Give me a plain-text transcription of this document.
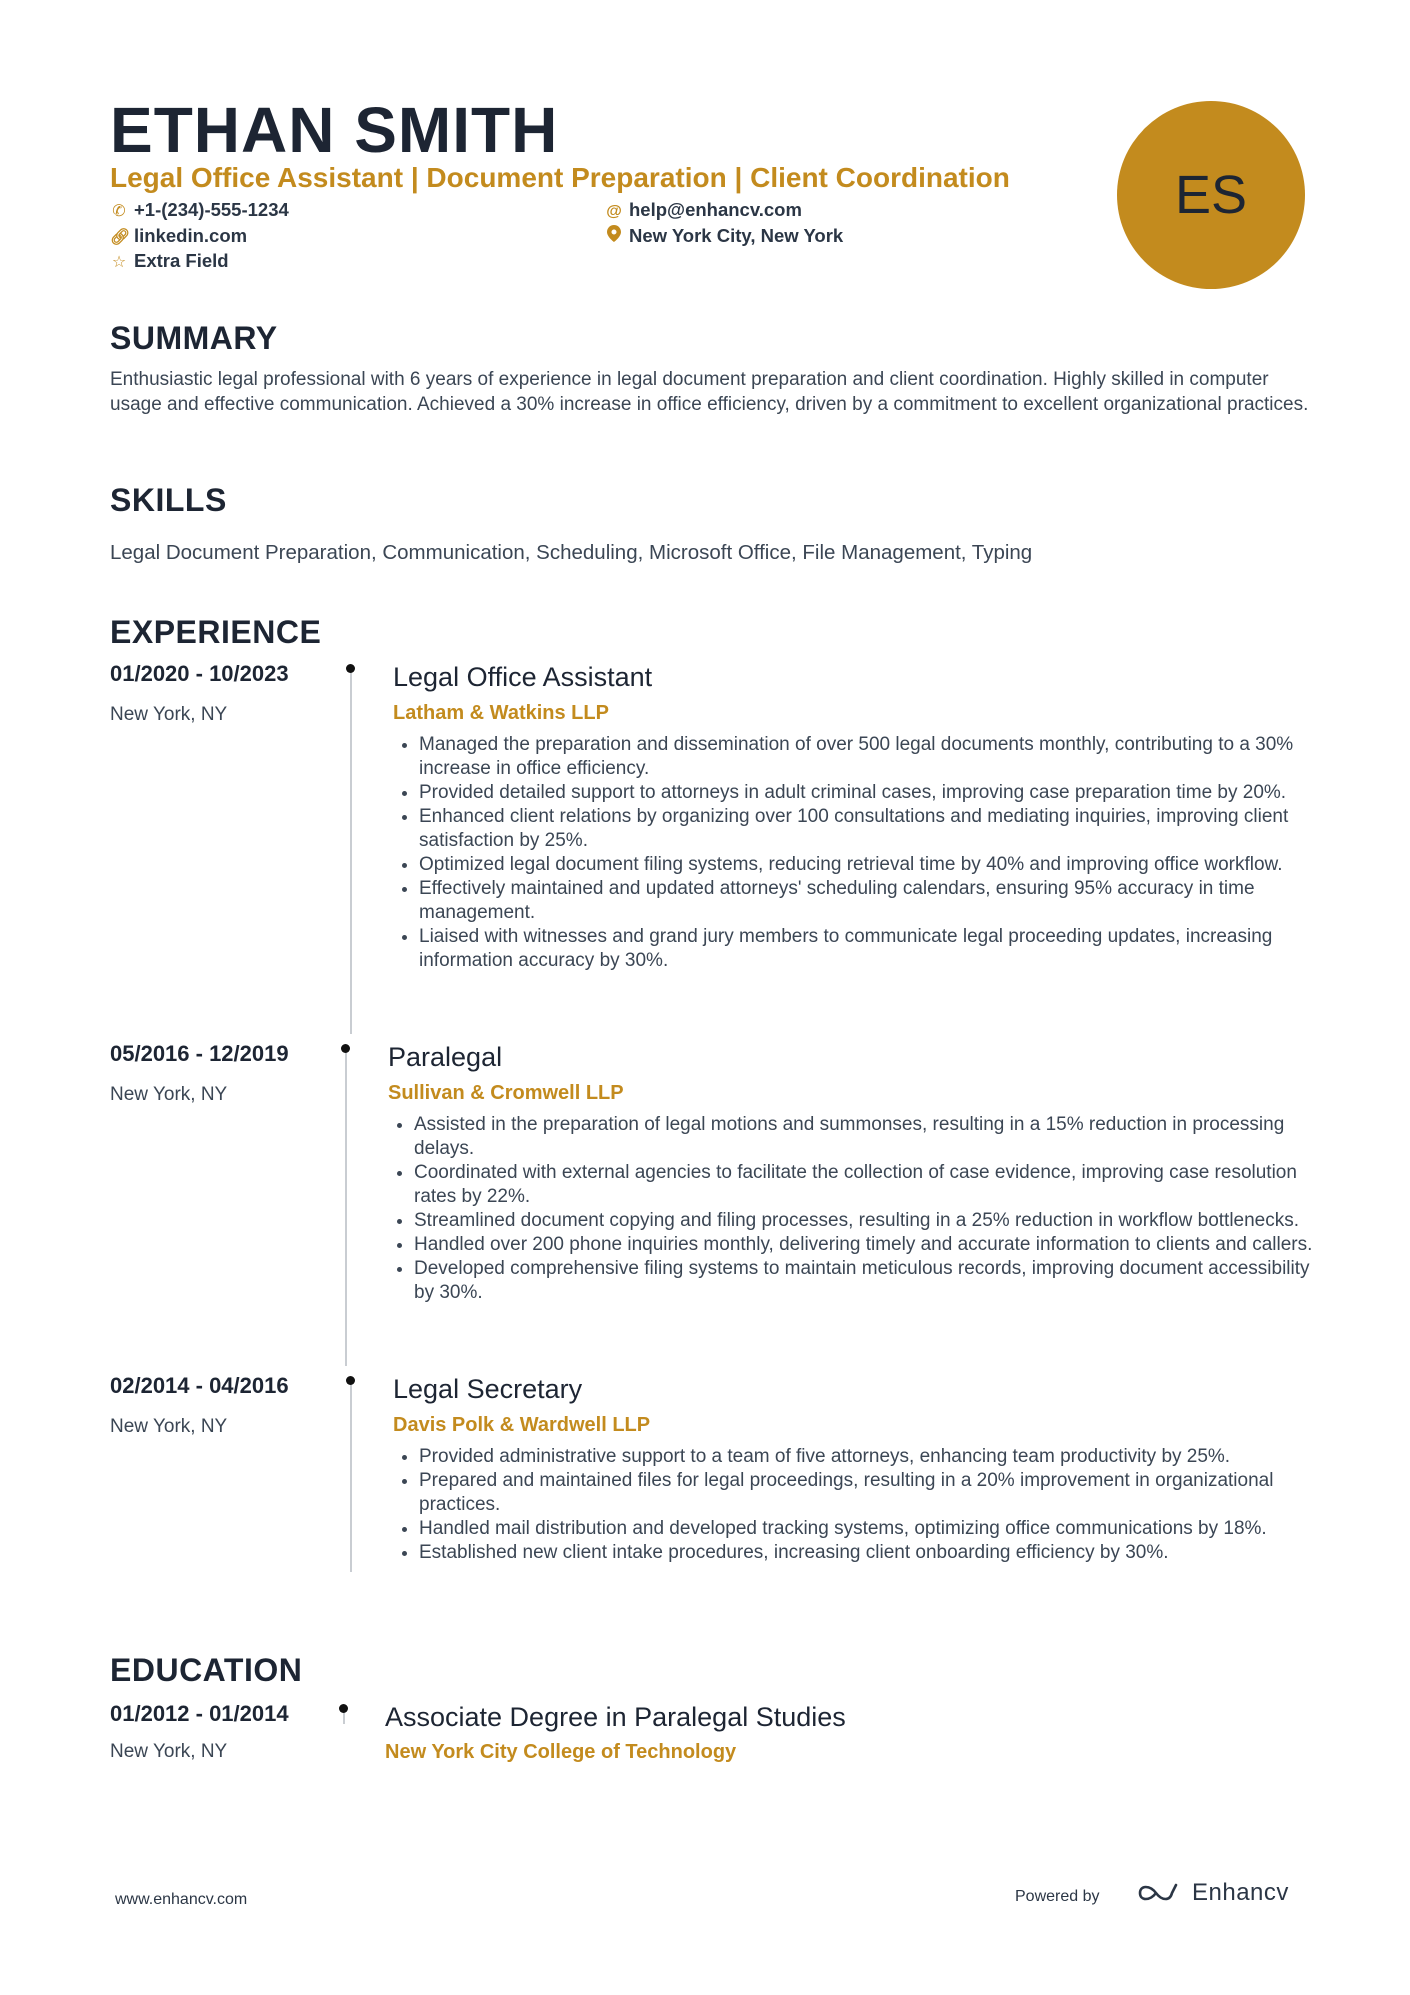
ETHAN SMITH
Legal Office Assistant | Document Preparation | Client Coordination
✆ +1-(234)-555-1234
🔗︎ linkedin.com
☆ Extra Field
@ help@enhancv.com
New York City, New York
ES
SUMMARY

Enthusiastic legal professional with 6 years of experience in legal document preparation and client coordination. Highly skilled in computer usage and effective communication. Achieved a 30% increase in office efficiency, driven by a commitment to excellent organizational practices.

SKILLS

Legal Document Preparation, Communication, Scheduling, Microsoft Office, File Management, Typing

EXPERIENCE
01/2020 - 10/2023
New York, NY
Legal Office Assistant
Latham & Watkins LLP
• Managed the preparation and dissemination of over 500 legal documents monthly, contributing to a 30% increase in office efficiency.
• Provided detailed support to attorneys in adult criminal cases, improving case preparation time by 20%.
• Enhanced client relations by organizing over 100 consultations and mediating inquiries, improving client satisfaction by 25%.
• Optimized legal document filing systems, reducing retrieval time by 40% and improving office workflow.
• Effectively maintained and updated attorneys' scheduling calendars, ensuring 95% accuracy in time management.
• Liaised with witnesses and grand jury members to communicate legal proceeding updates, increasing information accuracy by 30%.
05/2016 - 12/2019
New York, NY
Paralegal
Sullivan & Cromwell LLP
• Assisted in the preparation of legal motions and summonses, resulting in a 15% reduction in processing delays.
• Coordinated with external agencies to facilitate the collection of case evidence, improving case resolution rates by 22%.
• Streamlined document copying and filing processes, resulting in a 25% reduction in workflow bottlenecks.
• Handled over 200 phone inquiries monthly, delivering timely and accurate information to clients and callers.
• Developed comprehensive filing systems to maintain meticulous records, improving document accessibility by 30%.
02/2014 - 04/2016
New York, NY
Legal Secretary
Davis Polk & Wardwell LLP
• Provided administrative support to a team of five attorneys, enhancing team productivity by 25%.
• Prepared and maintained files for legal proceedings, resulting in a 20% improvement in organizational practices.
• Handled mail distribution and developed tracking systems, optimizing office communications by 18%.
• Established new client intake procedures, increasing client onboarding efficiency by 30%.
EDUCATION
01/2012 - 01/2014
New York, NY
Associate Degree in Paralegal Studies
New York City College of Technology
www.enhancv.com	Powered by	Enhancv
